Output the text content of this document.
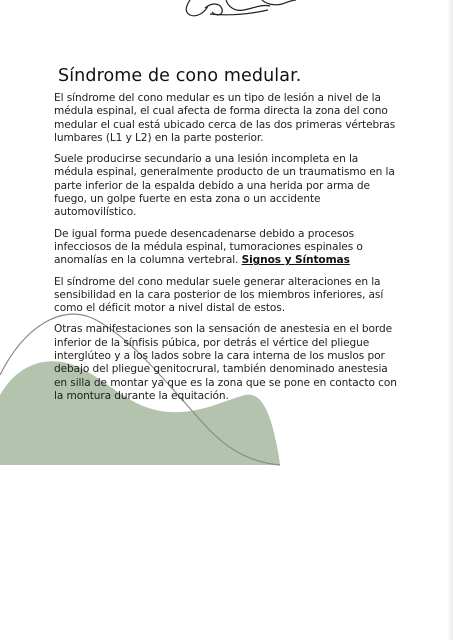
Síndrome de cono medular.

El síndrome del cono medular es un tipo de lesión a nivel de la médula espinal, el cual afecta de forma directa la zona del cono medular el cual está ubicado cerca de las dos primeras vértebras lumbares (L1 y L2) en la parte posterior.

Suele producirse secundario a una lesión incompleta en la médula espinal, generalmente producto de un traumatismo en la parte inferior de la espalda debido a una herida por arma de fuego, un golpe fuerte en esta zona o un accidente automovilístico.

De igual forma puede desencadenarse debido a procesos infecciosos de la médula espinal, tumoraciones espinales o anomalías en la columna vertebral. Signos y Síntomas

El síndrome del cono medular suele generar alteraciones en la sensibilidad en la cara posterior de los miembros inferiores, así como el déficit motor a nivel distal de estos.

Otras manifestaciones son la sensación de anestesia en el borde inferior de la sínfisis púbica, por detrás el vértice del pliegue interglúteo y a los lados sobre la cara interna de los muslos por debajo del pliegue genitocrural, también denominado anestesia en silla de montar ya que es la zona que se pone en contacto con la montura durante la equitación.
